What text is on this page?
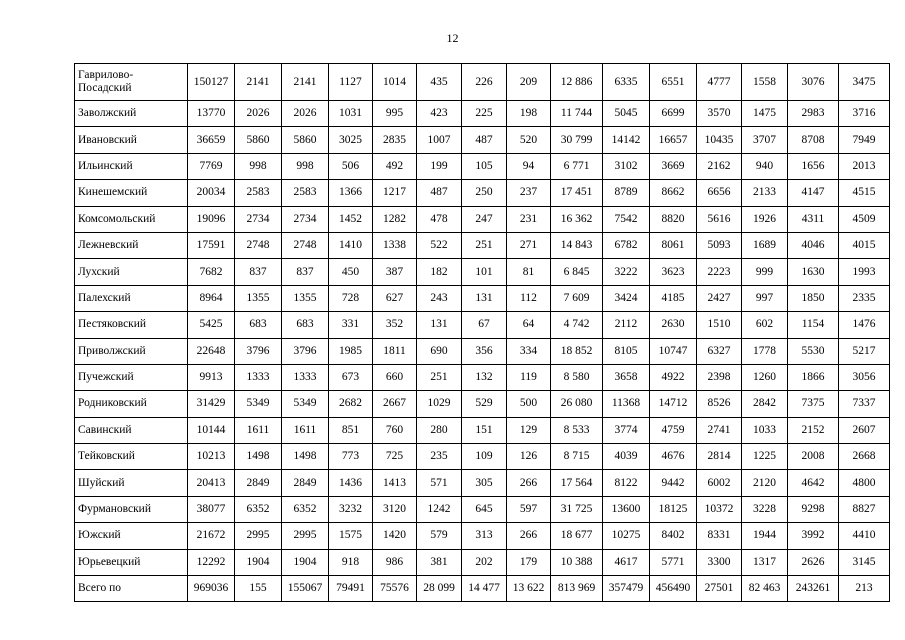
12
Гаврилово-Посадский	150127	2141	2141	1127	1014	435	226	209	12 886	6335	6551	4777	1558	3076	3475

Заволжский	13770	2026	2026	1031	995	423	225	198	11 744	5045	6699	3570	1475	2983	3716

Ивановский	36659	5860	5860	3025	2835	1007	487	520	30 799	14142	16657	10435	3707	8708	7949

Ильинский	7769	998	998	506	492	199	105	94	6 771	3102	3669	2162	940	1656	2013

Кинешемский	20034	2583	2583	1366	1217	487	250	237	17 451	8789	8662	6656	2133	4147	4515

Комсомольский	19096	2734	2734	1452	1282	478	247	231	16 362	7542	8820	5616	1926	4311	4509

Лежневский	17591	2748	2748	1410	1338	522	251	271	14 843	6782	8061	5093	1689	4046	4015

Лухский	7682	837	837	450	387	182	101	81	6 845	3222	3623	2223	999	1630	1993

Палехский	8964	1355	1355	728	627	243	131	112	7 609	3424	4185	2427	997	1850	2335

Пестяковский	5425	683	683	331	352	131	67	64	4 742	2112	2630	1510	602	1154	1476

Приволжский	22648	3796	3796	1985	1811	690	356	334	18 852	8105	10747	6327	1778	5530	5217

Пучежский	9913	1333	1333	673	660	251	132	119	8 580	3658	4922	2398	1260	1866	3056

Родниковский	31429	5349	5349	2682	2667	1029	529	500	26 080	11368	14712	8526	2842	7375	7337

Савинский	10144	1611	1611	851	760	280	151	129	8 533	3774	4759	2741	1033	2152	2607

Тейковский	10213	1498	1498	773	725	235	109	126	8 715	4039	4676	2814	1225	2008	2668

Шуйский	20413	2849	2849	1436	1413	571	305	266	17 564	8122	9442	6002	2120	4642	4800

Фурмановский	38077	6352	6352	3232	3120	1242	645	597	31 725	13600	18125	10372	3228	9298	8827

Южский	21672	2995	2995	1575	1420	579	313	266	18 677	10275	8402	8331	1944	3992	4410

Юрьевецкий	12292	1904	1904	918	986	381	202	179	10 388	4617	5771	3300	1317	2626	3145

Всего по	969036	155	155067	79491	75576	28 099	14 477	13 622	813 969	357479	456490	27501	82 463	243261	213
